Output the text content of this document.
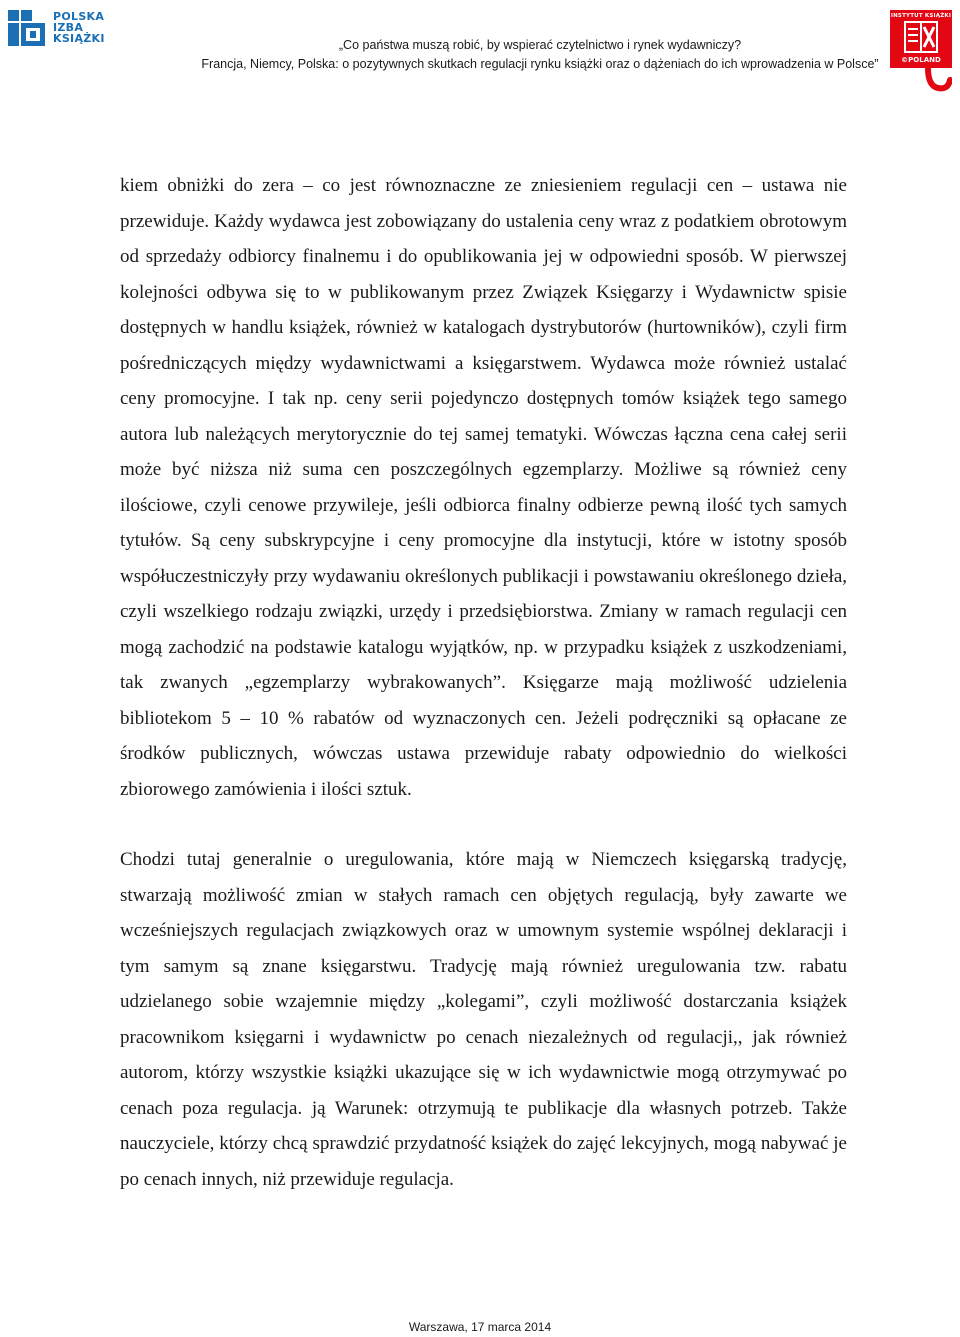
POLSKA
IZBA
KSIĄŻKI	„Co państwa muszą robić, by wspierać czytelnictwo i rynek wydawniczy?
Francja, Niemcy, Polska: o pozytywnych skutkach regulacji rynku książki oraz o dążeniach do ich wprowadzenia w Polsce”
INSTYTUT KSIĄŻKI
©POLAND

kiem obniżki do zera – co jest równoznaczne ze zniesieniem regulacji cen – ustawa nie przewiduje. Każdy wydawca jest zobowiązany do ustalenia ceny wraz z podatkiem obrotowym od sprzedaży odbiorcy finalnemu i do opublikowania jej w odpowiedni sposób. W pierwszej kolejności odbywa się to w publikowanym przez Związek Księgarzy i Wydawnictw spisie dostępnych w handlu książek, również w katalogach dystrybutorów (hurtowników), czyli firm pośredniczących między wydawnictwami a księgarstwem. Wydawca może również ustalać ceny promocyjne. I tak np. ceny serii pojedynczo dostępnych tomów książek tego samego autora lub należących merytorycznie do tej samej tematyki. Wówczas łączna cena całej serii może być niższa niż suma cen poszczególnych egzemplarzy. Możliwe są również ceny ilościowe, czyli cenowe przywileje, jeśli odbiorca finalny odbierze pewną ilość tych samych tytułów. Są ceny subskrypcyjne i ceny promocyjne dla instytucji, które w istotny sposób współuczestniczyły przy wydawaniu określonych publikacji i powstawaniu określonego dzieła, czyli wszelkiego rodzaju związki, urzędy i przedsiębiorstwa. Zmiany w ramach regulacji cen mogą zachodzić na podstawie katalogu wyjątków, np. w przypadku książek z uszkodzeniami, tak zwanych „egzemplarzy wybrakowanych”. Księgarze mają możliwość udzielenia bibliotekom 5 – 10 % rabatów od wyznaczonych cen. Jeżeli podręczniki są opłacane ze środków publicznych, wówczas ustawa przewiduje rabaty odpowiednio do wielkości zbiorowego zamówienia i ilości sztuk.

Chodzi tutaj generalnie o uregulowania, które mają w Niemczech księgarską tradycję, stwarzają możliwość zmian w stałych ramach cen objętych regulacją, były zawarte we wcześniejszych regulacjach związkowych oraz w umownym systemie wspólnej deklaracji i tym samym są znane księgarstwu. Tradycję mają również uregulowania tzw. rabatu udzielanego sobie wzajemnie między „kolegami”, czyli możliwość dostarczania książek pracownikom księgarni i wydawnictw po cenach niezależnych od regulacji,, jak również autorom, którzy wszystkie książki ukazujące się w ich wydawnictwie mogą otrzymywać po cenach poza regulacja. ją Warunek: otrzymują te publikacje dla własnych potrzeb. Także nauczyciele, którzy chcą sprawdzić przydatność książek do zajęć lekcyjnych, mogą nabywać je po cenach innych, niż przewiduje regulacja.

Warszawa, 17 marca 2014
